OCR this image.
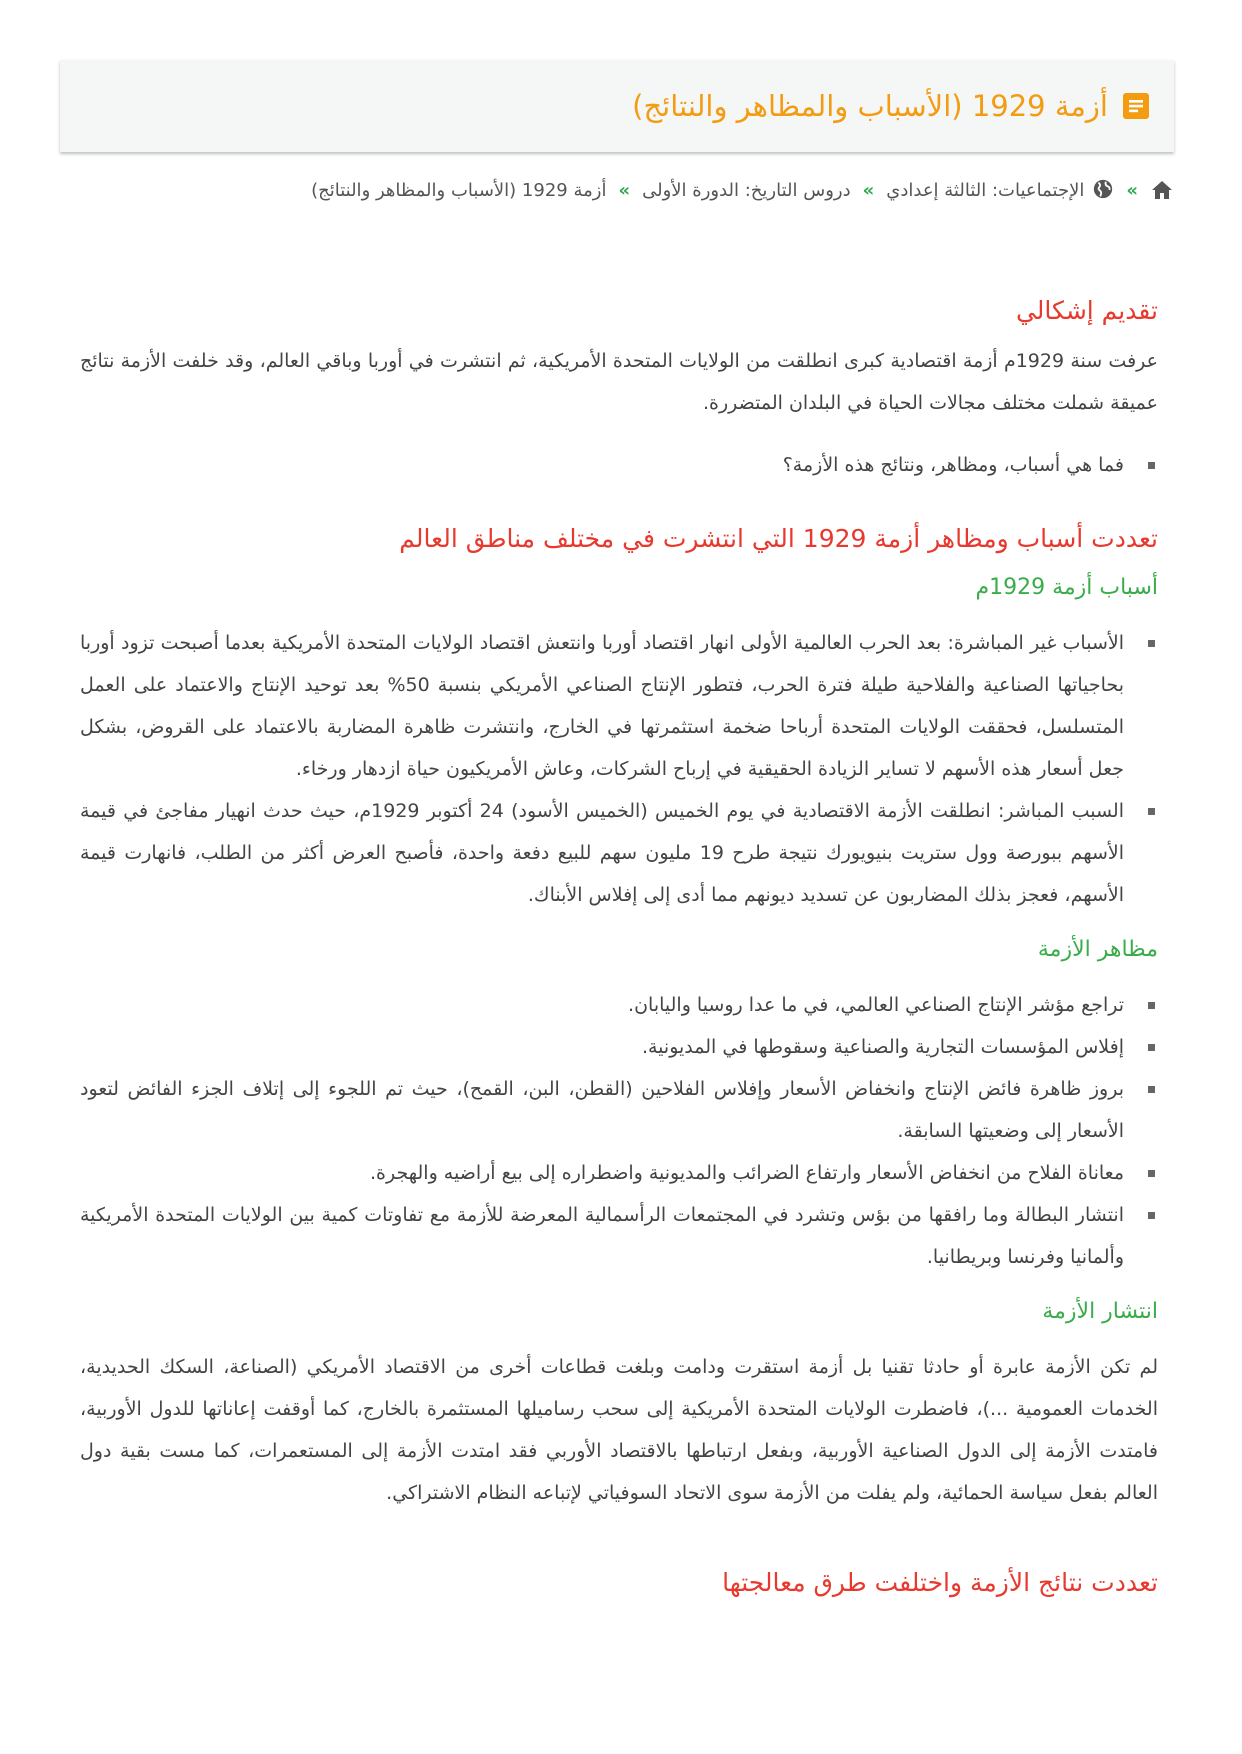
أزمة 1929 (الأسباب والمظاهر والنتائج)
»
الإجتماعيات: الثالثة إعدادي
»
دروس التاريخ: الدورة الأولى
»
أزمة 1929 (الأسباب والمظاهر والنتائج)
تقديم إشكالي

عرفت سنة 1929م أزمة اقتصادية كبرى انطلقت من الولايات المتحدة الأمريكية، ثم انتشرت في أوربا وباقي العالم، وقد خلفت الأزمة نتائج عميقة شملت مختلف مجالات الحياة في البلدان المتضررة.

فما هي أسباب، ومظاهر، ونتائج هذه الأزمة؟
تعددت أسباب ومظاهر أزمة 1929 التي انتشرت في مختلف مناطق العالم
أسباب أزمة 1929م
الأسباب غير المباشرة: بعد الحرب العالمية الأولى انهار اقتصاد أوربا وانتعش اقتصاد الولايات المتحدة الأمريكية بعدما أصبحت تزود أوربا بحاجياتها الصناعية والفلاحية طيلة فترة الحرب، فتطور الإنتاج الصناعي الأمريكي بنسبة 50% بعد توحيد الإنتاج والاعتماد على العمل المتسلسل، فحققت الولايات المتحدة أرباحا ضخمة استثمرتها في الخارج، وانتشرت ظاهرة المضاربة بالاعتماد على القروض، بشكل جعل أسعار هذه الأسهم لا تساير الزيادة الحقيقية في إرباح الشركات، وعاش الأمريكيون حياة ازدهار ورخاء.
السبب المباشر: انطلقت الأزمة الاقتصادية في يوم الخميس (الخميس الأسود) 24 أكتوبر 1929م، حيث حدث انهيار مفاجئ في قيمة الأسهم ببورصة وول ستريت بنيويورك نتيجة طرح 19 مليون سهم للبيع دفعة واحدة، فأصبح العرض أكثر من الطلب، فانهارت قيمة الأسهم، فعجز بذلك المضاربون عن تسديد ديونهم مما أدى إلى إفلاس الأبناك.
مظاهر الأزمة
تراجع مؤشر الإنتاج الصناعي العالمي، في ما عدا روسيا واليابان.
إفلاس المؤسسات التجارية والصناعية وسقوطها في المديونية.
بروز ظاهرة فائض الإنتاج وانخفاض الأسعار وإفلاس الفلاحين (القطن، البن، القمح)، حيث تم اللجوء إلى إتلاف الجزء الفائض لتعود الأسعار إلى وضعيتها السابقة.
معاناة الفلاح من انخفاض الأسعار وارتفاع الضرائب والمديونية واضطراره إلى بيع أراضيه والهجرة.
انتشار البطالة وما رافقها من بؤس وتشرد في المجتمعات الرأسمالية المعرضة للأزمة مع تفاوتات كمية بين الولايات المتحدة الأمريكية وألمانيا وفرنسا وبريطانيا.
انتشار الأزمة

لم تكن الأزمة عابرة أو حادثا تقنيا بل أزمة استقرت ودامت وبلغت قطاعات أخرى من الاقتصاد الأمريكي (الصناعة، السكك الحديدية، الخدمات العمومية ...)، فاضطرت الولايات المتحدة الأمريكية إلى سحب رساميلها المستثمرة بالخارج، كما أوقفت إعاناتها للدول الأوربية، فامتدت الأزمة إلى الدول الصناعية الأوربية، وبفعل ارتباطها بالاقتصاد الأوربي فقد امتدت الأزمة إلى المستعمرات، كما مست بقية دول العالم بفعل سياسة الحمائية، ولم يفلت من الأزمة سوى الاتحاد السوفياتي لإتباعه النظام الاشتراكي.

تعددت نتائج الأزمة واختلفت طرق معالجتها
